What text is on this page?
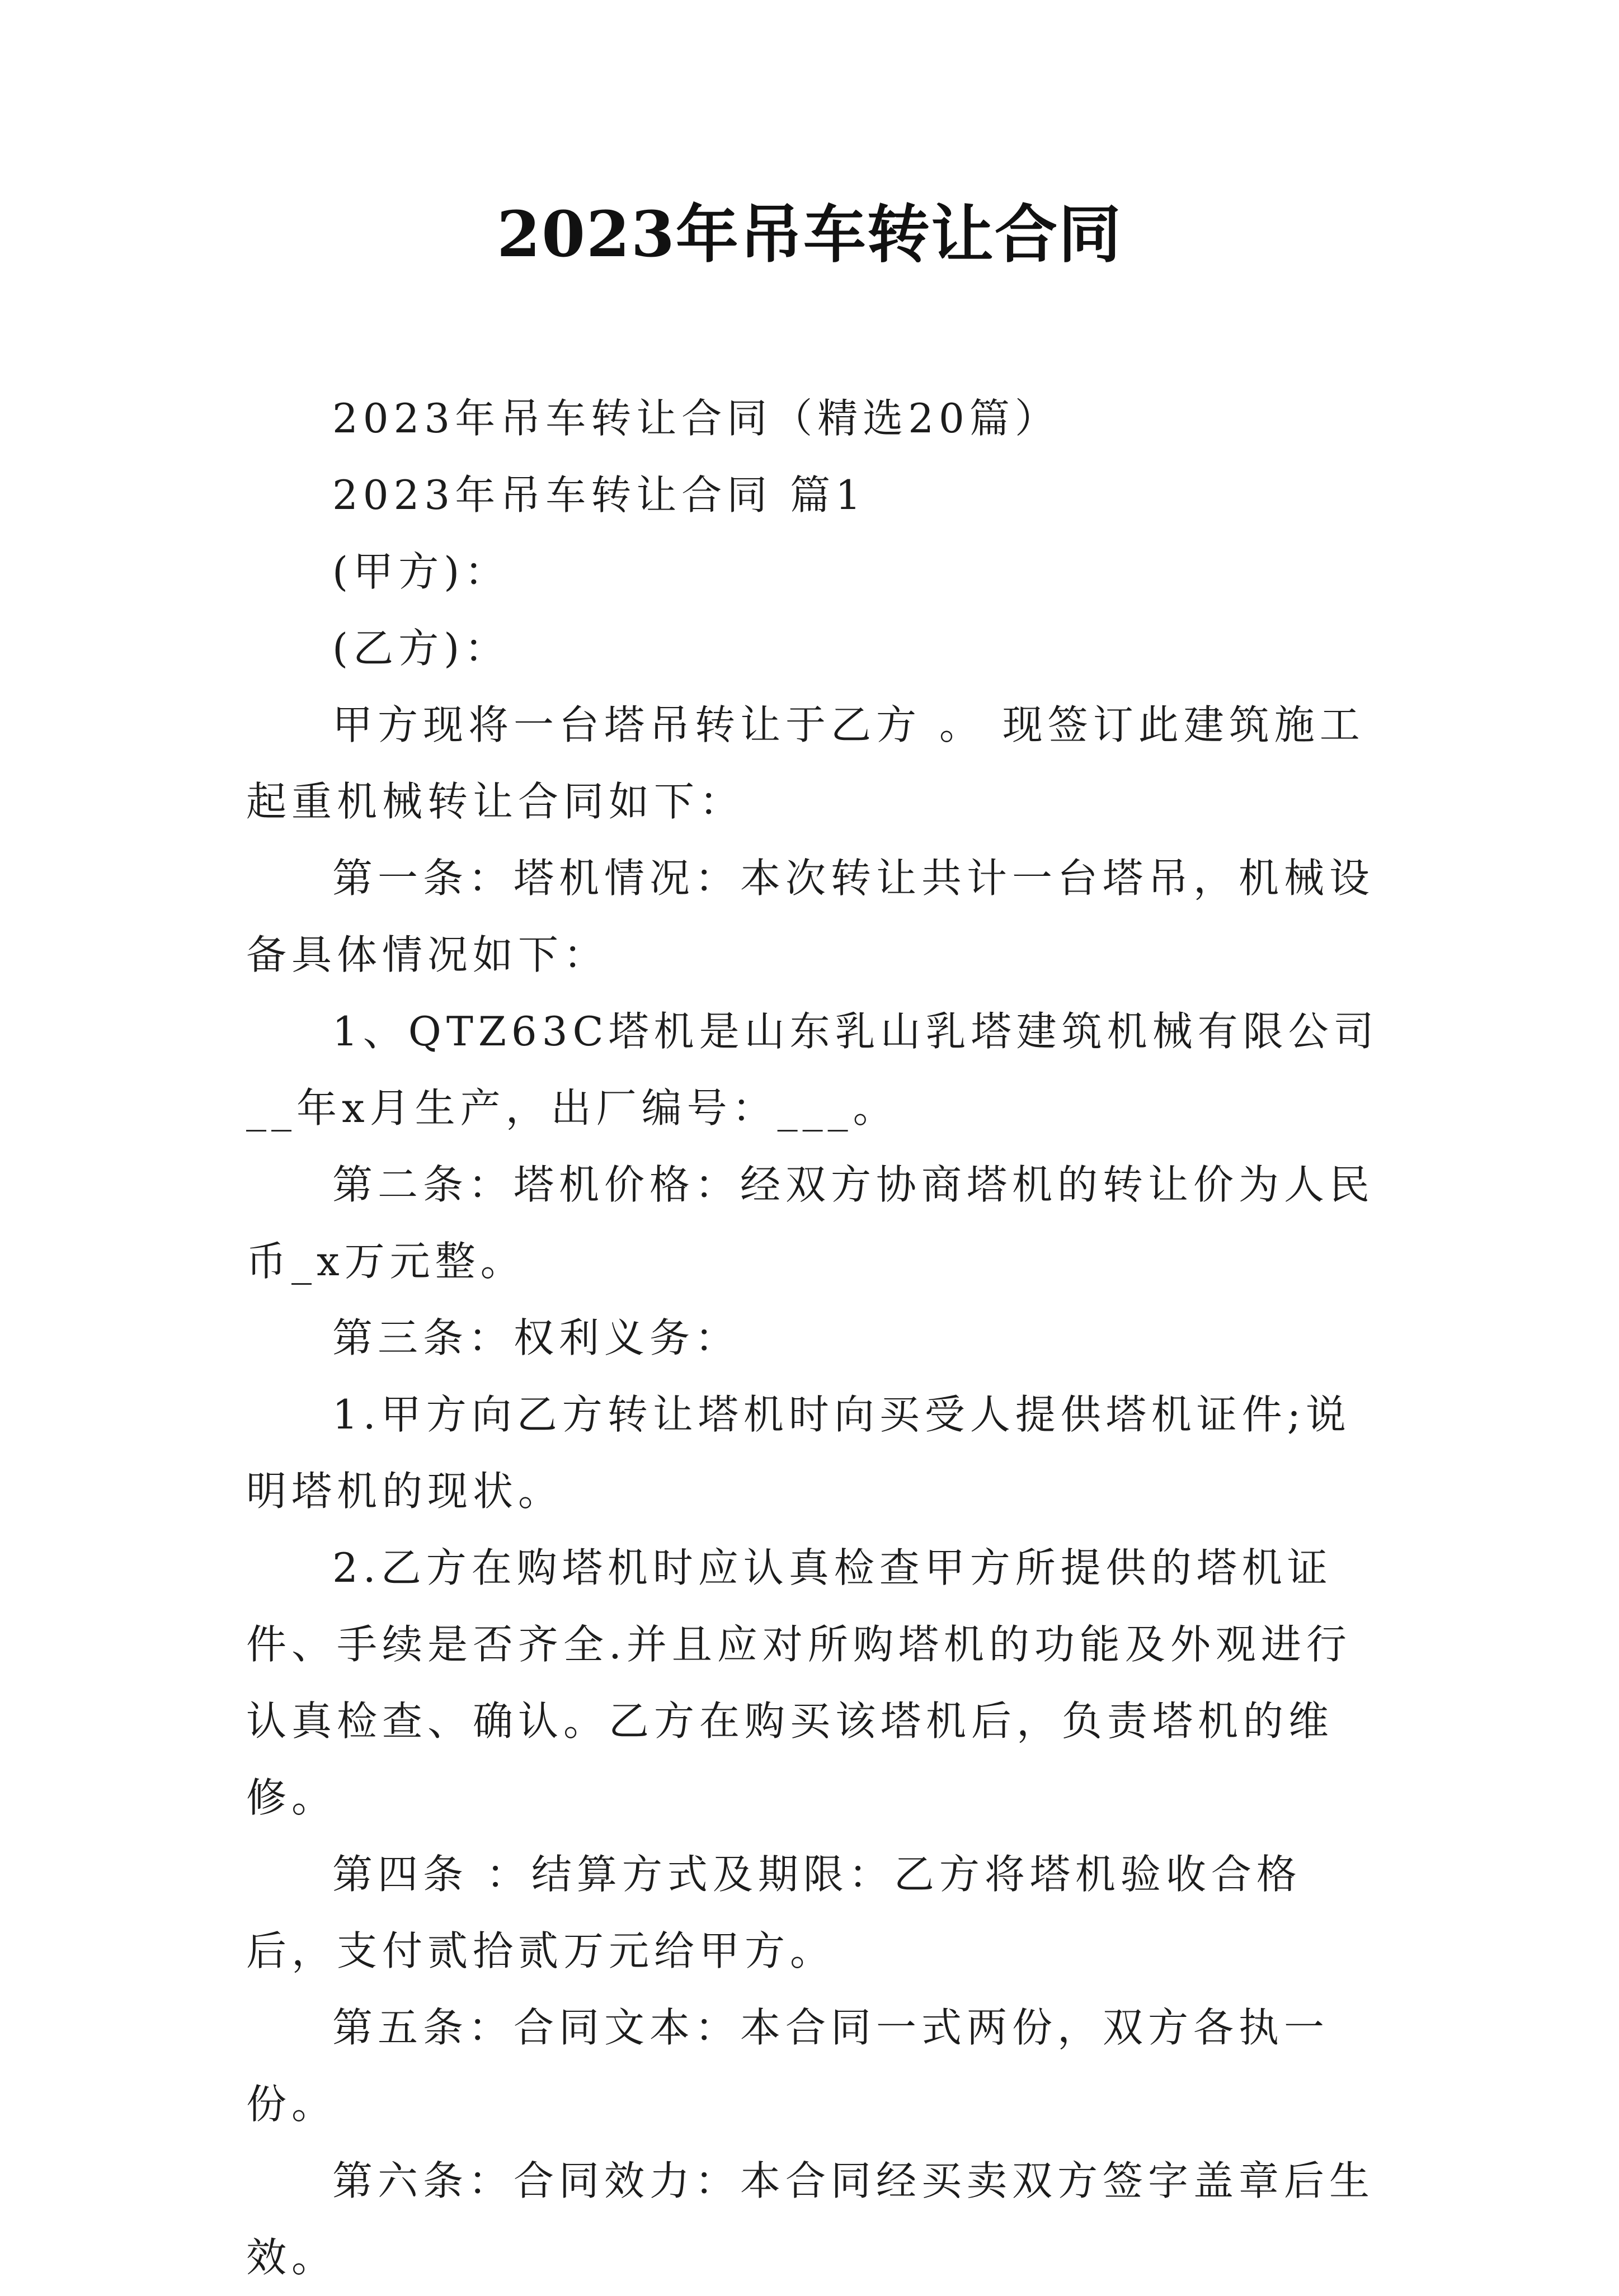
2023年吊车转让合同

2023年吊车转让合同（精选20篇）

2023年吊车转让合同 篇1

(甲方)：

(乙方)：

甲方现将一台塔吊转让于乙方 。 现签订此建筑施工起重机械转让合同如下：

第一条：塔机情况：本次转让共计一台塔吊，机械设备具体情况如下：

1、QTZ63C塔机是山东乳山乳塔建筑机械有限公司__年x月生产，出厂编号：___。

第二条：塔机价格：经双方协商塔机的转让价为人民币_x万元整。

第三条：权利义务：

1.甲方向乙方转让塔机时向买受人提供塔机证件;说明塔机的现状。

2.乙方在购塔机时应认真检查甲方所提供的塔机证件、手续是否齐全.并且应对所购塔机的功能及外观进行认真检查、确认。乙方在购买该塔机后，负责塔机的维修。

第四条 ：结算方式及期限：乙方将塔机验收合格后，支付贰拾贰万元给甲方。

第五条：合同文本：本合同一式两份，双方各执一份。

第六条：合同效力：本合同经买卖双方签字盖章后生效。
